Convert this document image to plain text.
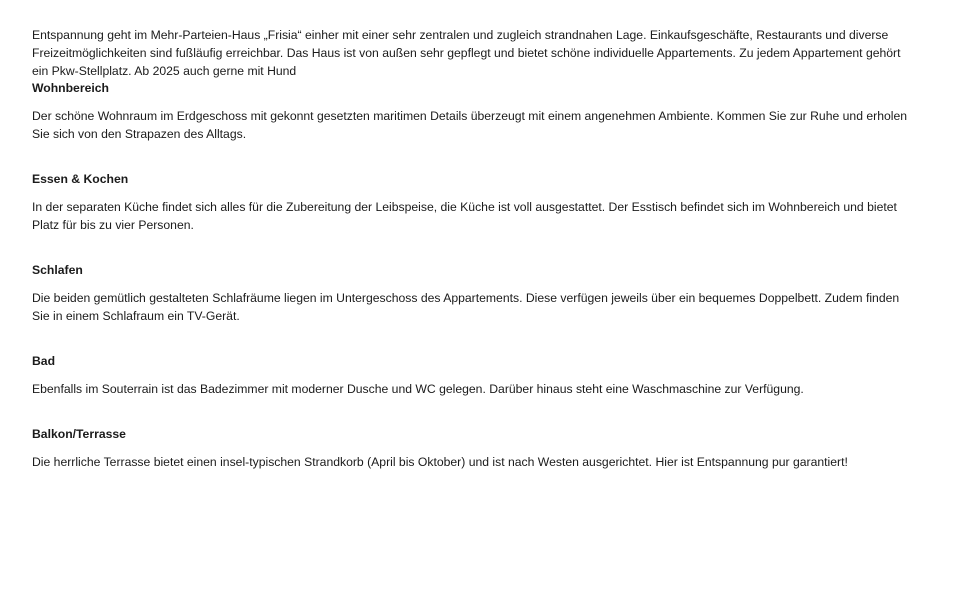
Entspannung geht im Mehr-Parteien-Haus „Frisia“ einher mit einer sehr zentralen und zugleich strandnahen Lage. Einkaufsgeschäfte, Restaurants und diverse Freizeitmöglichkeiten sind fußläufig erreichbar. Das Haus ist von außen sehr gepflegt und bietet schöne individuelle Appartements. Zu jedem Appartement gehört ein Pkw-Stellplatz. Ab 2025 auch gerne mit Hund

Wohnbereich

Der schöne Wohnraum im Erdgeschoss mit gekonnt gesetzten maritimen Details überzeugt mit einem angenehmen Ambiente. Kommen Sie zur Ruhe und erholen Sie sich von den Strapazen des Alltags.

Essen & Kochen

In der separaten Küche findet sich alles für die Zubereitung der Leibspeise, die Küche ist voll ausgestattet. Der Esstisch befindet sich im Wohnbereich und bietet Platz für bis zu vier Personen.

Schlafen

Die beiden gemütlich gestalteten Schlafräume liegen im Untergeschoss des Appartements. Diese verfügen jeweils über ein bequemes Doppelbett. Zudem finden Sie in einem Schlafraum ein TV-Gerät.

Bad

Ebenfalls im Souterrain ist das Badezimmer mit moderner Dusche und WC gelegen. Darüber hinaus steht eine Waschmaschine zur Verfügung.

Balkon/Terrasse

Die herrliche Terrasse bietet einen insel-typischen Strandkorb (April bis Oktober) und ist nach Westen ausgerichtet. Hier ist Entspannung pur garantiert!
